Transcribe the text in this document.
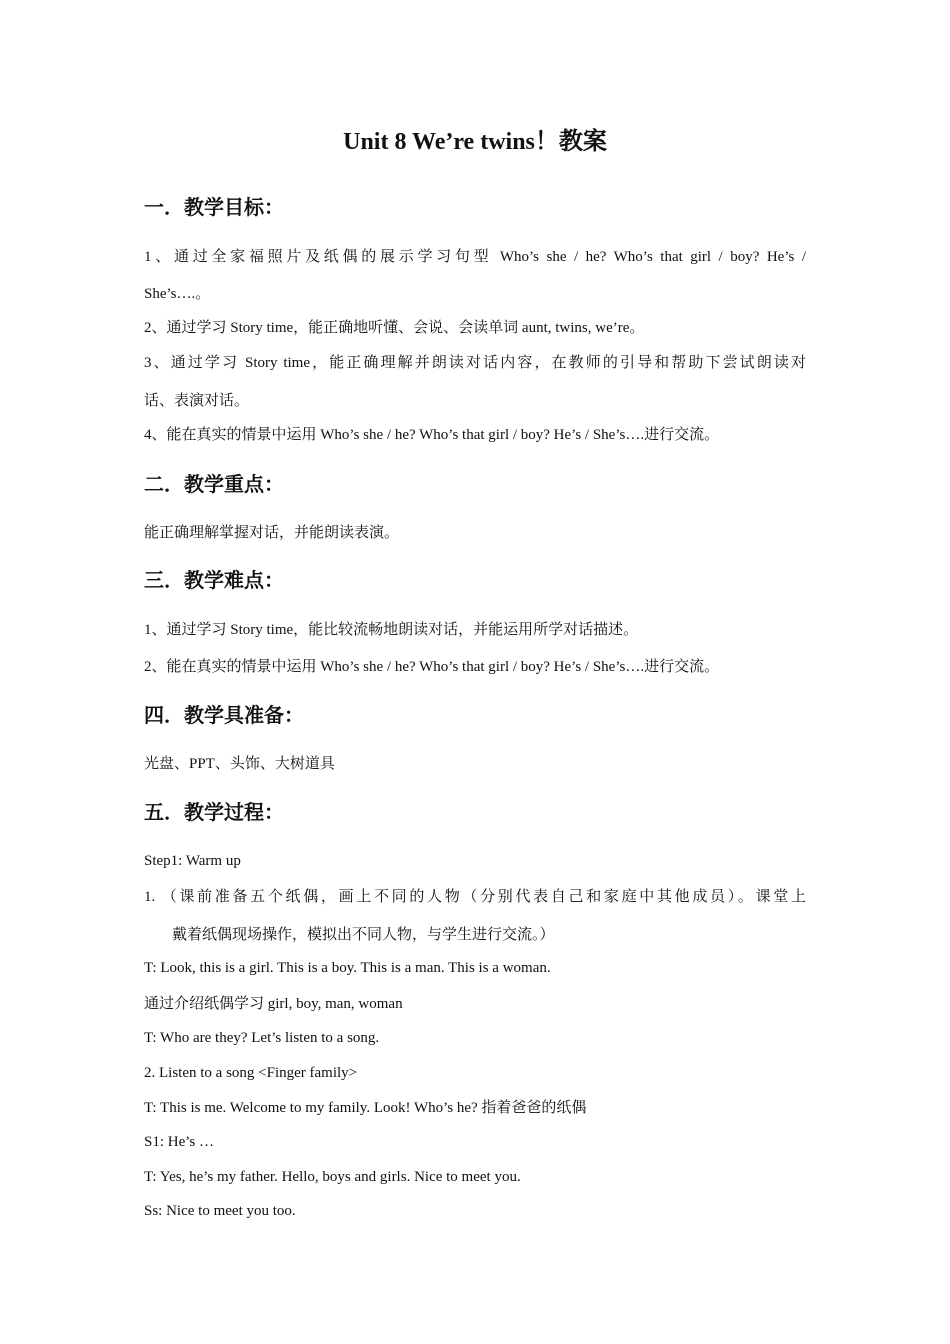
Unit 8 We’re twins！教案
一．教学目标：
1、通过全家福照片及纸偶的展示学习句型 Who’s she / he? Who’s that girl / boy? He’s /
She’s….。
2、通过学习 Story time，能正确地听懂、会说、会读单词 aunt, twins, we’re。
3、通过学习 Story time，能正确理解并朗读对话内容，在教师的引导和帮助下尝试朗读对
话、表演对话。
4、能在真实的情景中运用 Who’s she / he? Who’s that girl / boy? He’s / She’s….进行交流。
二．教学重点：
能正确理解掌握对话，并能朗读表演。
三．教学难点：
1、通过学习 Story time，能比较流畅地朗读对话，并能运用所学对话描述。
2、能在真实的情景中运用 Who’s she / he? Who’s that girl / boy? He’s / She’s….进行交流。
四．教学具准备：
光盘、PPT、头饰、大树道具
五．教学过程：
Step1: Warm up
1. （课前准备五个纸偶，画上不同的人物（分别代表自己和家庭中其他成员）。课堂上
戴着纸偶现场操作，模拟出不同人物，与学生进行交流。）
T: Look, this is a girl. This is a boy. This is a man. This is a woman.
通过介绍纸偶学习 girl, boy, man, woman
T: Who are they? Let’s listen to a song.
2. Listen to a song <Finger family>
T: This is me. Welcome to my family. Look! Who’s he? 指着爸爸的纸偶
S1: He’s …
T: Yes, he’s my father. Hello, boys and girls. Nice to meet you.
Ss: Nice to meet you too.
